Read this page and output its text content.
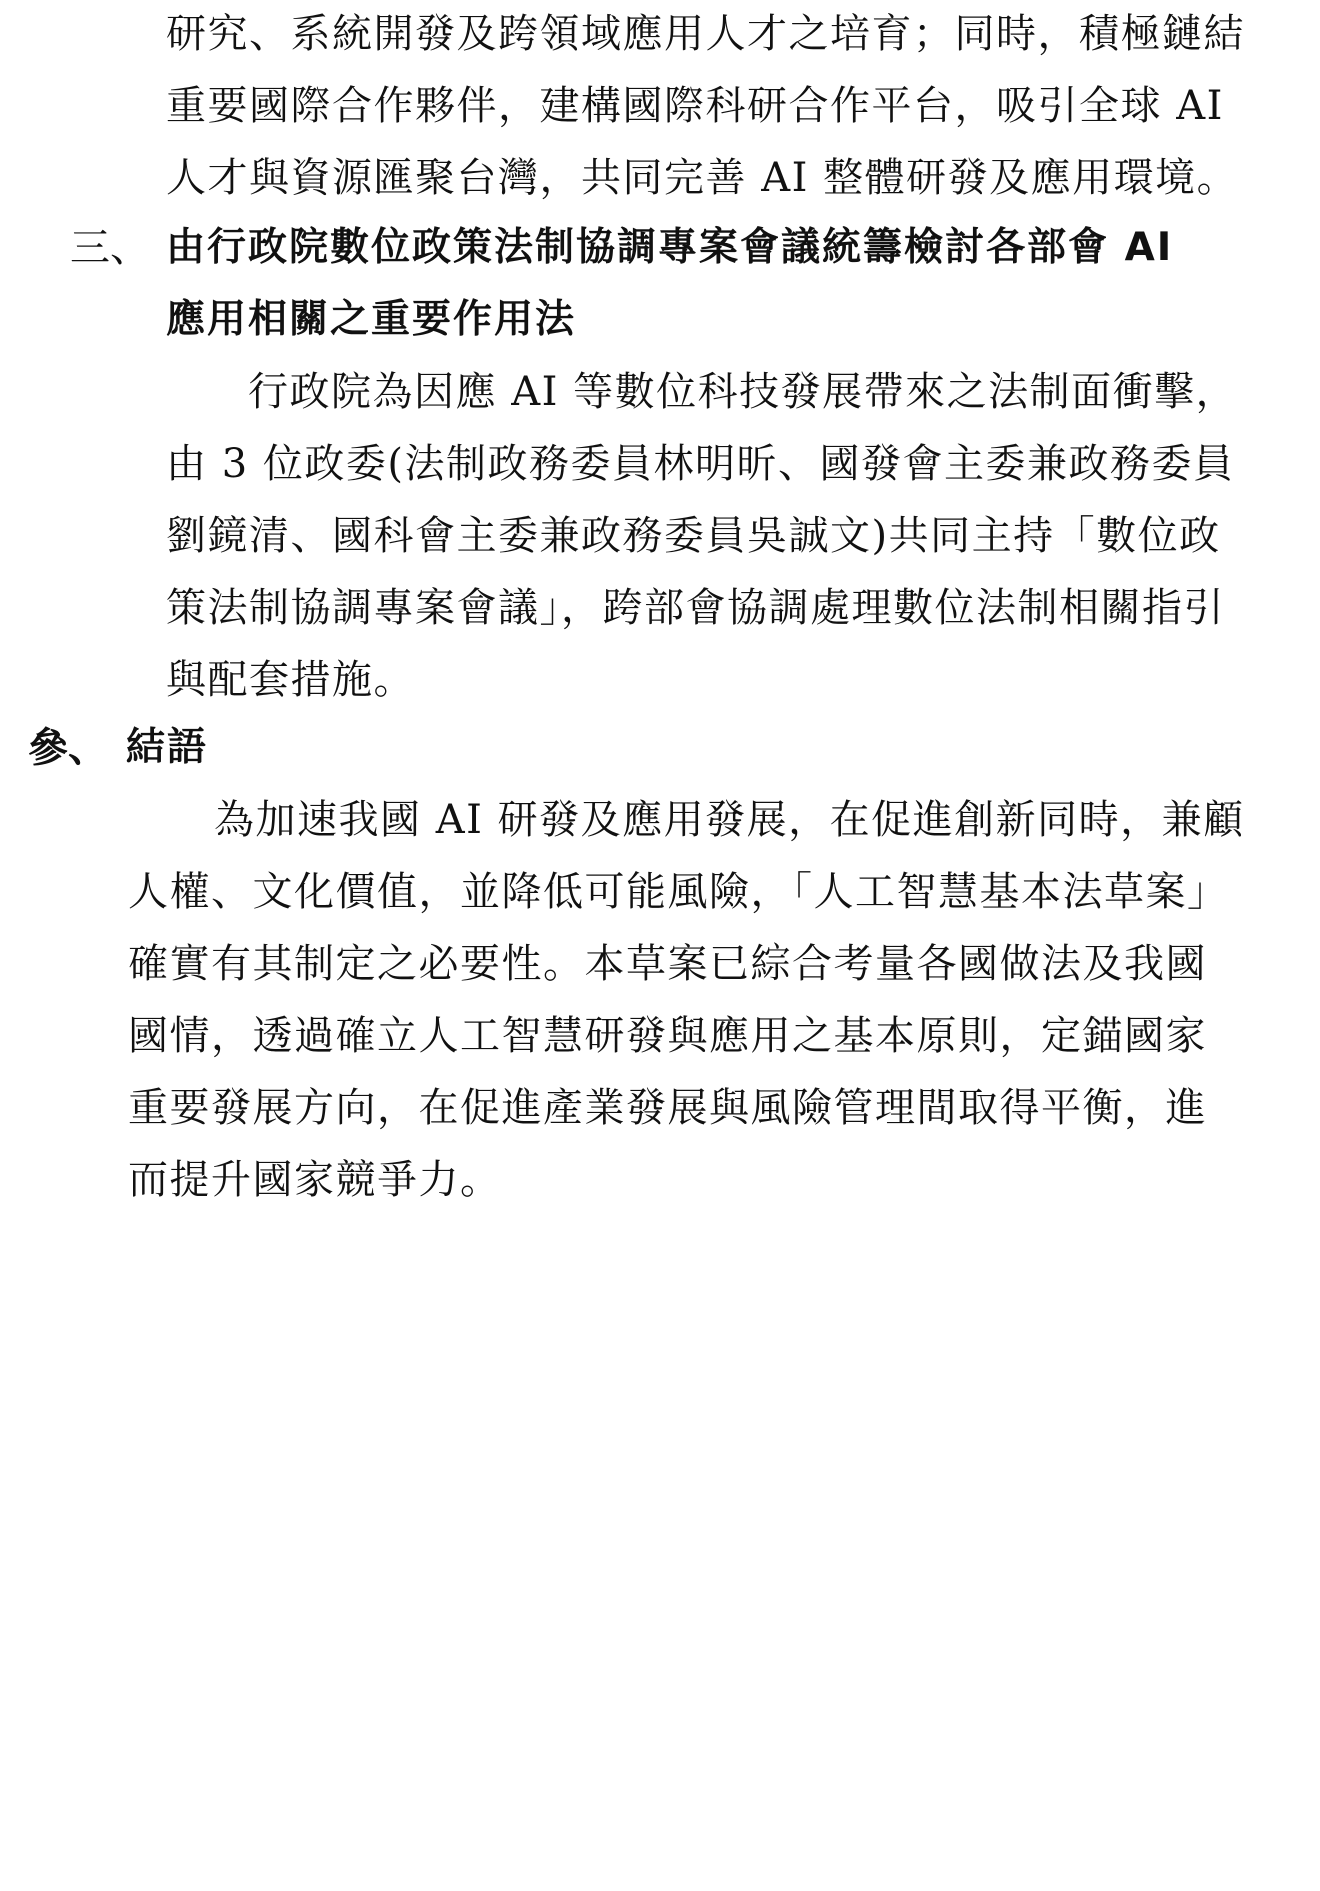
研究、系統開發及跨領域應用人才之培育；同時，積極鏈結
重要國際合作夥伴，建構國際科研合作平台，吸引全球 AI
人才與資源匯聚台灣，共同完善 AI 整體研發及應用環境。
三、 由行政院數位政策法制協調專案會議統籌檢討各部會 AI
應用相關之重要作用法
行政院為因應 AI 等數位科技發展帶來之法制面衝擊，
由 3 位政委(法制政務委員林明昕、國發會主委兼政務委員
劉鏡清、國科會主委兼政務委員吳誠文)共同主持「數位政
策法制協調專案會議」，跨部會協調處理數位法制相關指引
與配套措施。
參、 結語
為加速我國 AI 研發及應用發展，在促進創新同時，兼顧
人權、文化價值，並降低可能風險，「人工智慧基本法草案」
確實有其制定之必要性。本草案已綜合考量各國做法及我國
國情，透過確立人工智慧研發與應用之基本原則，定錨國家
重要發展方向，在促進產業發展與風險管理間取得平衡，進
而提升國家競爭力。
